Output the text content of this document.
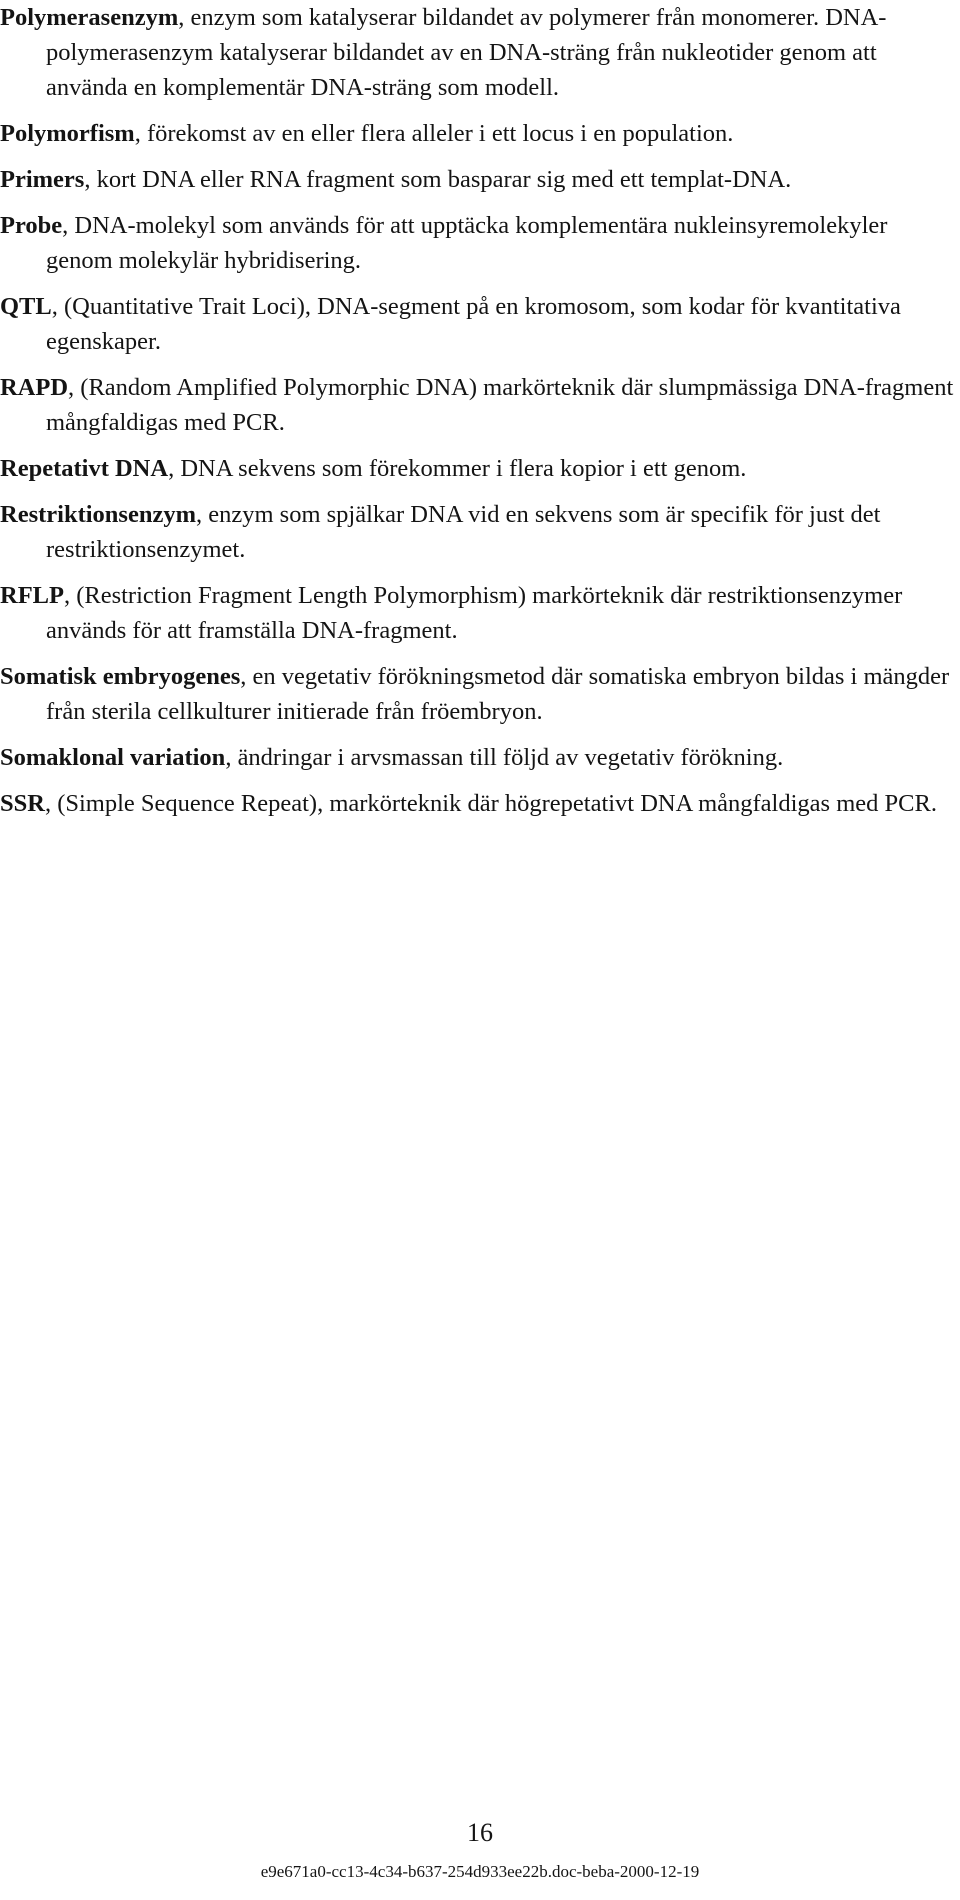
Polymerasenzym, enzym som katalyserar bildandet av polymerer från monomerer. DNA-polymerasenzym katalyserar bildandet av en DNA-sträng från nukleotider genom att använda en komplementär DNA-sträng som modell.

Polymorfism, förekomst av en eller flera alleler i ett locus i en population.

Primers, kort DNA eller RNA fragment som basparar sig med ett templat-DNA.

Probe, DNA-molekyl som används för att upptäcka komplementära nukleinsyremolekyler genom molekylär hybridisering.

QTL, (Quantitative Trait Loci), DNA-segment på en kromosom, som kodar för kvantitativa egenskaper.

RAPD, (Random Amplified Polymorphic DNA) markörteknik där slumpmässiga DNA-fragment mångfaldigas med PCR.

Repetativt DNA, DNA sekvens som förekommer i flera kopior i ett genom.

Restriktionsenzym, enzym som spjälkar DNA vid en sekvens som är specifik för just det restriktionsenzymet.

RFLP, (Restriction Fragment Length Polymorphism) markörteknik där restriktionsenzymer används för att framställa DNA-fragment.

Somatisk embryogenes, en vegetativ förökningsmetod där somatiska embryon bildas i mängder från sterila cellkulturer initierade från fröembryon.

Somaklonal variation, ändringar i arvsmassan till följd av vegetativ förökning.

SSR, (Simple Sequence Repeat), markörteknik där högrepetativt DNA mångfaldigas med PCR.

16
e9e671a0-cc13-4c34-b637-254d933ee22b.doc-beba-2000-12-19
